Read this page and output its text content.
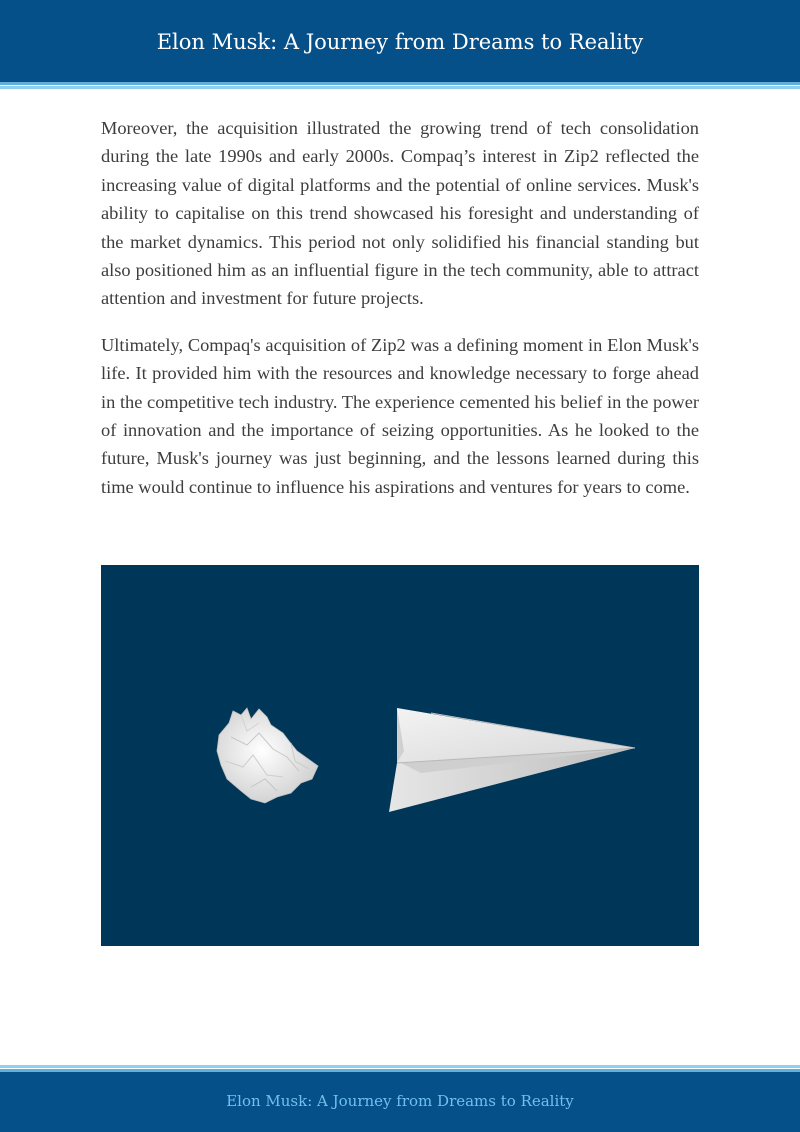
Elon Musk: A Journey from Dreams to Reality

Moreover, the acquisition illustrated the growing trend of tech consolidation during the late 1990s and early 2000s. Compaq’s interest in Zip2 reflected the increasing value of digital platforms and the potential of online services. Musk's ability to capitalise on this trend showcased his foresight and understanding of the market dynamics. This period not only solidified his financial standing but also positioned him as an influential figure in the tech community, able to attract attention and investment for future projects.

Ultimately, Compaq's acquisition of Zip2 was a defining moment in Elon Musk's life. It provided him with the resources and knowledge necessary to forge ahead in the competitive tech industry. The experience cemented his belief in the power of innovation and the importance of seizing opportunities. As he looked to the future, Musk's journey was just beginning, and the lessons learned during this time would continue to influence his aspirations and ventures for years to come.

Elon Musk: A Journey from Dreams to Reality
